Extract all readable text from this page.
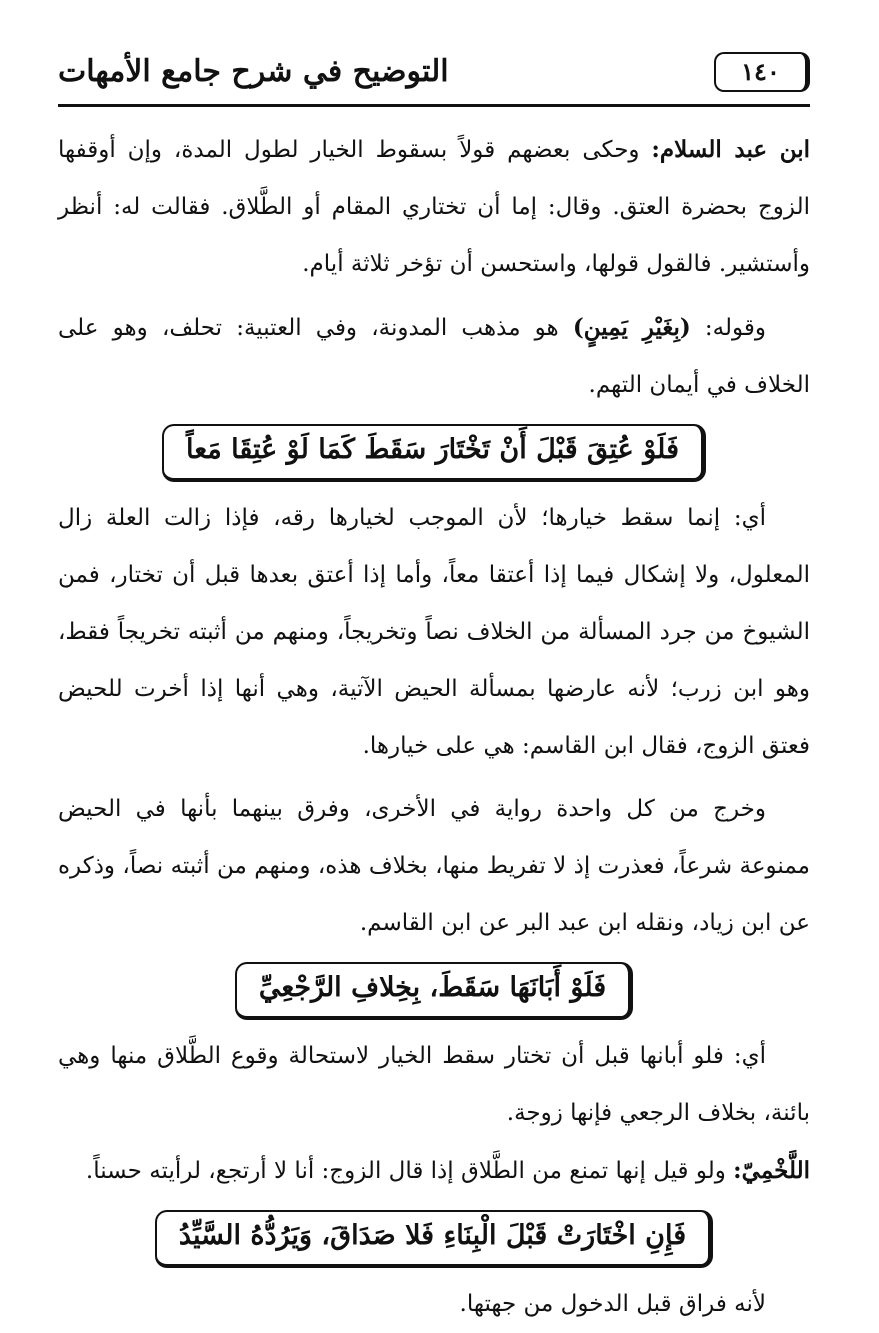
١٤٠
التوضيح في شرح جامع الأمهات

ابن عبد السلام: وحكى بعضهم قولاً بسقوط الخيار لطول المدة، وإن أوقفها الزوج بحضرة العتق. وقال: إما أن تختاري المقام أو الطَّلاق. فقالت له: أنظر وأستشير. فالقول قولها، واستحسن أن تؤخر ثلاثة أيام.

وقوله: (بِغَيْرِ يَمِينٍ) هو مذهب المدونة، وفي العتبية: تحلف، وهو على الخلاف في أيمان التهم.

فَلَوْ عُتِقَ قَبْلَ أَنْ تَخْتَارَ سَقَطَ كَمَا لَوْ عُتِقَا مَعاً

أي: إنما سقط خيارها؛ لأن الموجب لخيارها رقه، فإذا زالت العلة زال المعلول، ولا إشكال فيما إذا أعتقا معاً، وأما إذا أعتق بعدها قبل أن تختار، فمن الشيوخ من جرد المسألة من الخلاف نصاً وتخريجاً، ومنهم من أثبته تخريجاً فقط، وهو ابن زرب؛ لأنه عارضها بمسألة الحيض الآتية، وهي أنها إذا أخرت للحيض فعتق الزوج، فقال ابن القاسم: هي على خيارها.

وخرج من كل واحدة رواية في الأخرى، وفرق بينهما بأنها في الحيض ممنوعة شرعاً، فعذرت إذ لا تفريط منها، بخلاف هذه، ومنهم من أثبته نصاً، وذكره عن ابن زياد، ونقله ابن عبد البر عن ابن القاسم.

فَلَوْ أَبَانَهَا سَقَطَ، بِخِلافِ الرَّجْعِيِّ

أي: فلو أبانها قبل أن تختار سقط الخيار لاستحالة وقوع الطَّلاق منها وهي بائنة، بخلاف الرجعي فإنها زوجة.

اللَّخْمِيّ: ولو قيل إنها تمنع من الطَّلاق إذا قال الزوج: أنا لا أرتجع، لرأيته حسناً.

فَإِنِ اخْتَارَتْ قَبْلَ الْبِنَاءِ فَلا صَدَاقَ، وَيَرُدُّهُ السَّيِّدُ

لأنه فراق قبل الدخول من جهتها.
